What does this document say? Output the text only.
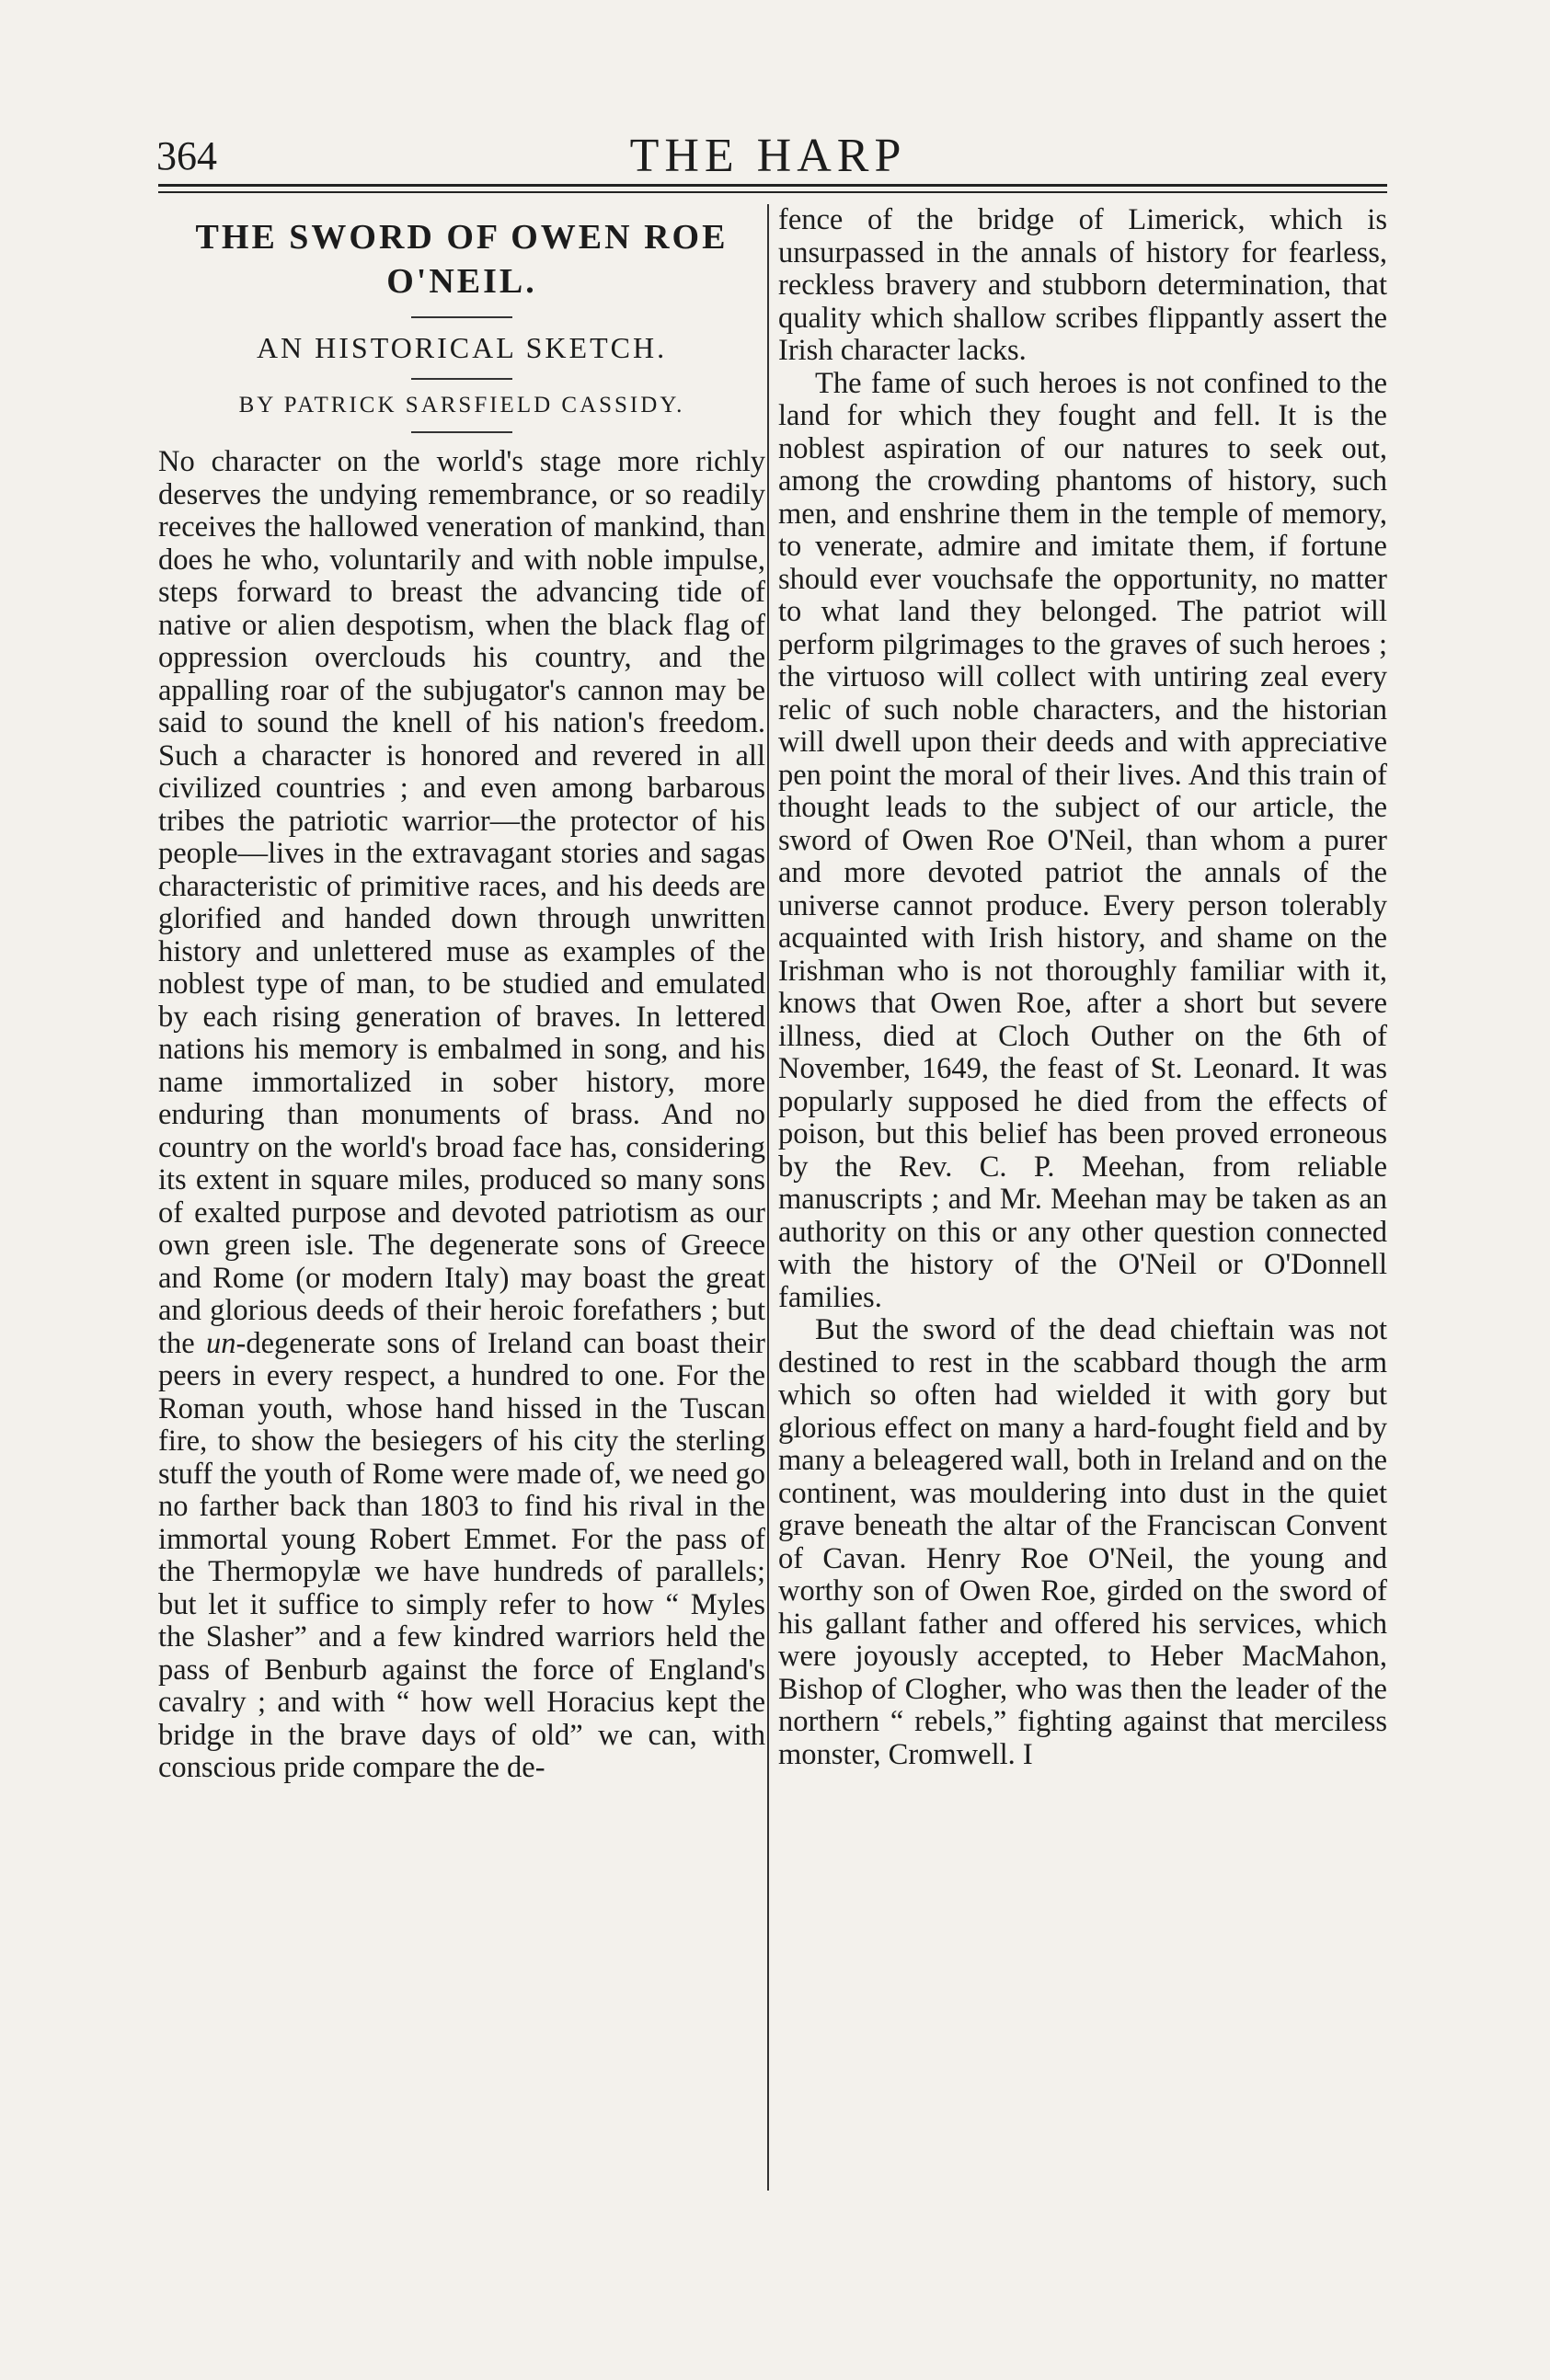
364	THE HARP
THE SWORD OF OWEN ROE O'NEIL.

AN HISTORICAL SKETCH.

BY PATRICK SARSFIELD CASSIDY.

No character on the world's stage more richly deserves the undying remembrance, or so readily receives the hallowed veneration of mankind, than does he who, voluntarily and with noble impulse, steps forward to breast the advancing tide of native or alien despotism, when the black flag of oppression overclouds his country, and the appalling roar of the subjugator's cannon may be said to sound the knell of his nation's freedom. Such a character is honored and revered in all civilized countries ; and even among barbarous tribes the patriotic warrior—the protector of his people—lives in the extravagant stories and sagas characteristic of primitive races, and his deeds are glorified and handed down through unwritten history and unlettered muse as examples of the noblest type of man, to be studied and emulated by each rising generation of braves. In lettered nations his memory is embalmed in song, and his name immortalized in sober history, more enduring than monuments of brass. And no country on the world's broad face has, considering its extent in square miles, produced so many sons of exalted purpose and devoted patriotism as our own green isle. The degenerate sons of Greece and Rome (or modern Italy) may boast the great and glorious deeds of their heroic forefathers ; but the un-degenerate sons of Ireland can boast their peers in every respect, a hundred to one. For the Roman youth, whose hand hissed in the Tuscan fire, to show the besiegers of his city the sterling stuff the youth of Rome were made of, we need go no farther back than 1803 to find his rival in the immortal young Robert Emmet. For the pass of the Thermopylæ we have hundreds of parallels; but let it suffice to simply refer to how “ Myles the Slasher” and a few kindred warriors held the pass of Benburb against the force of England's cavalry ; and with “ how well Horacius kept the bridge in the brave days of old” we can, with conscious pride compare the de-

fence of the bridge of Limerick, which is unsurpassed in the annals of history for fearless, reckless bravery and stubborn determination, that quality which shallow scribes flippantly assert the Irish character lacks.

The fame of such heroes is not confined to the land for which they fought and fell. It is the noblest aspiration of our natures to seek out, among the crowding phantoms of history, such men, and enshrine them in the temple of memory, to venerate, admire and imitate them, if fortune should ever vouchsafe the opportunity, no matter to what land they belonged. The patriot will perform pilgrimages to the graves of such heroes ; the virtuoso will collect with untiring zeal every relic of such noble characters, and the historian will dwell upon their deeds and with appreciative pen point the moral of their lives. And this train of thought leads to the subject of our article, the sword of Owen Roe O'Neil, than whom a purer and more devoted patriot the annals of the universe cannot produce. Every person tolerably acquainted with Irish history, and shame on the Irishman who is not thoroughly familiar with it, knows that Owen Roe, after a short but severe illness, died at Cloch Outher on the 6th of November, 1649, the feast of St. Leonard. It was popularly supposed he died from the effects of poison, but this belief has been proved erroneous by the Rev. C. P. Meehan, from reliable manuscripts ; and Mr. Meehan may be taken as an authority on this or any other question connected with the history of the O'Neil or O'Donnell families.

But the sword of the dead chieftain was not destined to rest in the scabbard though the arm which so often had wielded it with gory but glorious effect on many a hard-fought field and by many a beleagered wall, both in Ireland and on the continent, was mouldering into dust in the quiet grave beneath the altar of the Franciscan Convent of Cavan. Henry Roe O'Neil, the young and worthy son of Owen Roe, girded on the sword of his gallant father and offered his services, which were joyously accepted, to Heber MacMahon, Bishop of Clogher, who was then the leader of the northern “ rebels,” fighting against that merciless monster, Cromwell. I
